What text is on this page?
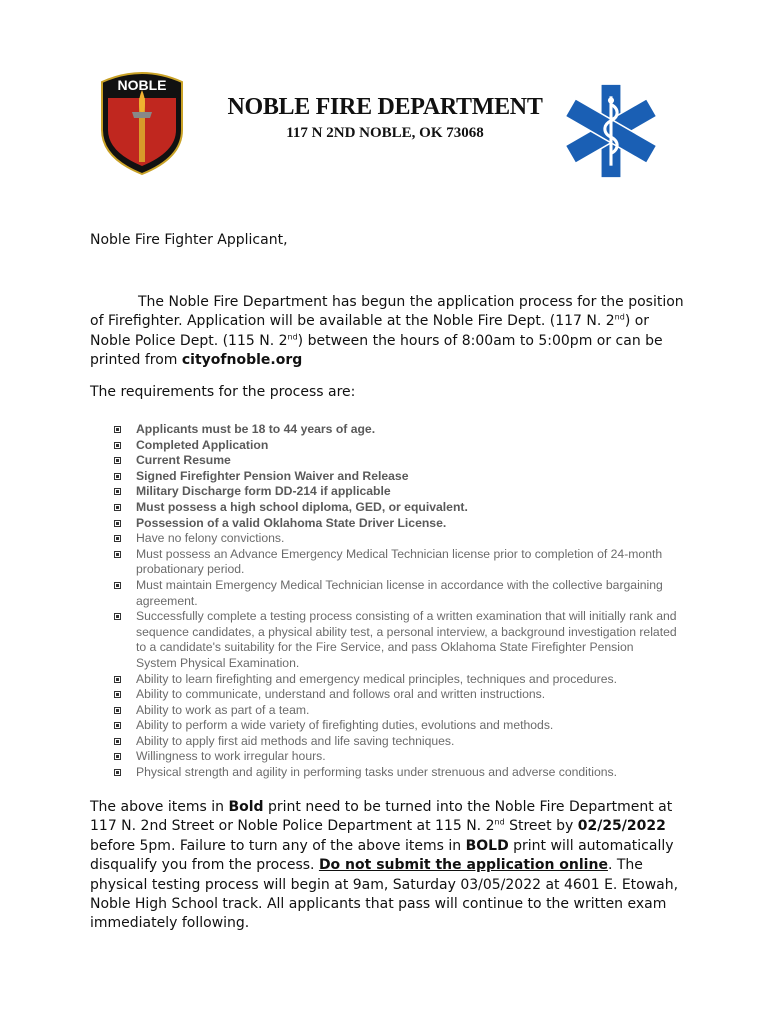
NOBLE
NOBLE FIRE DEPARTMENT
117 N 2ND NOBLE, OK 73068

Noble Fire Fighter Applicant,

The Noble Fire Department has begun the application process for the position of Firefighter. Application will be available at the Noble Fire Dept. (117 N. 2nd) or Noble Police Dept. (115 N. 2nd) between the hours of 8:00am to 5:00pm or can be printed from cityofnoble.org

The requirements for the process are:

Applicants must be 18 to 44 years of age.
Completed Application
Current Resume
Signed Firefighter Pension Waiver and Release
Military Discharge form DD-214 if applicable
Must possess a high school diploma, GED, or equivalent.
Possession of a valid Oklahoma State Driver License.
Have no felony convictions.
Must possess an Advance Emergency Medical Technician license prior to completion of 24-month probationary period.
Must maintain Emergency Medical Technician license in accordance with the collective bargaining agreement.
Successfully complete a testing process consisting of a written examination that will initially rank and sequence candidates, a physical ability test, a personal interview, a background investigation related to a candidate's suitability for the Fire Service, and pass Oklahoma State Firefighter Pension System Physical Examination.
Ability to learn firefighting and emergency medical principles, techniques and procedures.
Ability to communicate, understand and follows oral and written instructions.
Ability to work as part of a team.
Ability to perform a wide variety of firefighting duties, evolutions and methods.
Ability to apply first aid methods and life saving techniques.
Willingness to work irregular hours.
Physical strength and agility in performing tasks under strenuous and adverse conditions.

The above items in Bold print need to be turned into the Noble Fire Department at 117 N. 2nd Street or Noble Police Department at 115 N. 2nd Street by 02/25/2022 before 5pm. Failure to turn any of the above items in BOLD print will automatically disqualify you from the process. Do not submit the application online. The physical testing process will begin at 9am, Saturday 03/05/2022 at 4601 E. Etowah, Noble High School track. All applicants that pass will continue to the written exam immediately following.
